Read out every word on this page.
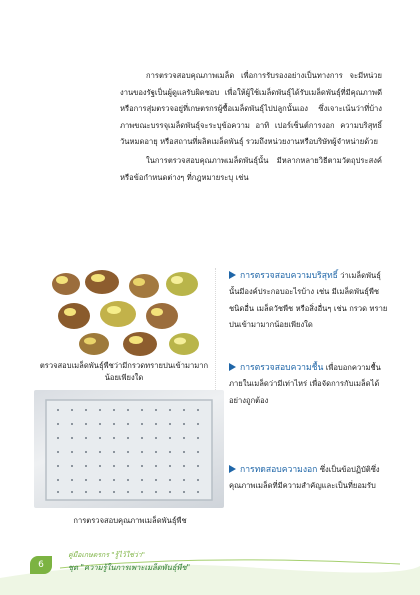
การตรวจสอบคุณภาพเมล็ด เพื่อการรับรองอย่างเป็นทางการ จะมีหน่วยงานของรัฐเป็นผู้ดูแลรับผิดชอบ เพื่อให้ผู้ใช้เมล็ดพันธุ์ได้รับเมล็ดพันธุ์ที่มีคุณภาพดี หรือการสุ่มตรวจอยู่ที่เกษตรกรผู้ซื้อเมล็ดพันธุ์ไปปลูกนั้นเอง ซึ่งเจาะเน้นว่าที่บ้างภาพขณะบรรจุเมล็ดพันธุ์จะระบุข้อความ อาทิ เปอร์เซ็นต์การงอก ความบริสุทธิ์ วันหมดอายุ หรือสถานที่ผลิตเมล็ดพันธุ์ รวมถึงหน่วยงานหรือบริษัทผู้จำหน่ายด้วย

ในการตรวจสอบคุณภาพเมล็ดพันธุ์นั้น มีหลากหลายวิธีตามวัตถุประสงค์หรือข้อกำหนดต่างๆ ที่กฎหมายระบุ เช่น

ตรวจสอบเมล็ดพันธุ์พืชว่ามีกรวดทรายปนเข้ามามากน้อยเพียงใด
การตรวจสอบคุณภาพเมล็ดพันธุ์พืช
การตรวจสอบความบริสุทธิ์ ว่าเมล็ดพันธุ์นั้นมีองค์ประกอบอะไรบ้าง เช่น มีเมล็ดพันธุ์พืชชนิดอื่น เมล็ดวัชพืช หรือสิ่งอื่นๆ เช่น กรวด ทราย ปนเข้ามามากน้อยเพียงใด
การตรวจสอบความชื้น เพื่อบอกความชื้นภายในเมล็ดว่ามีเท่าไหร่ เพื่อจัดการกับเมล็ดได้อย่างถูกต้อง
การทดสอบความงอก ซึ่งเป็นข้อปฏิบัติซึ่งคุณภาพเมล็ดที่มีความสำคัญและเป็นที่ยอมรับ
6
คู่มือเกษตรกร "รู้ไว้ใช่ว่า"
ชุด "ความรู้ในการเพาะเมล็ดพันธุ์พืช"
